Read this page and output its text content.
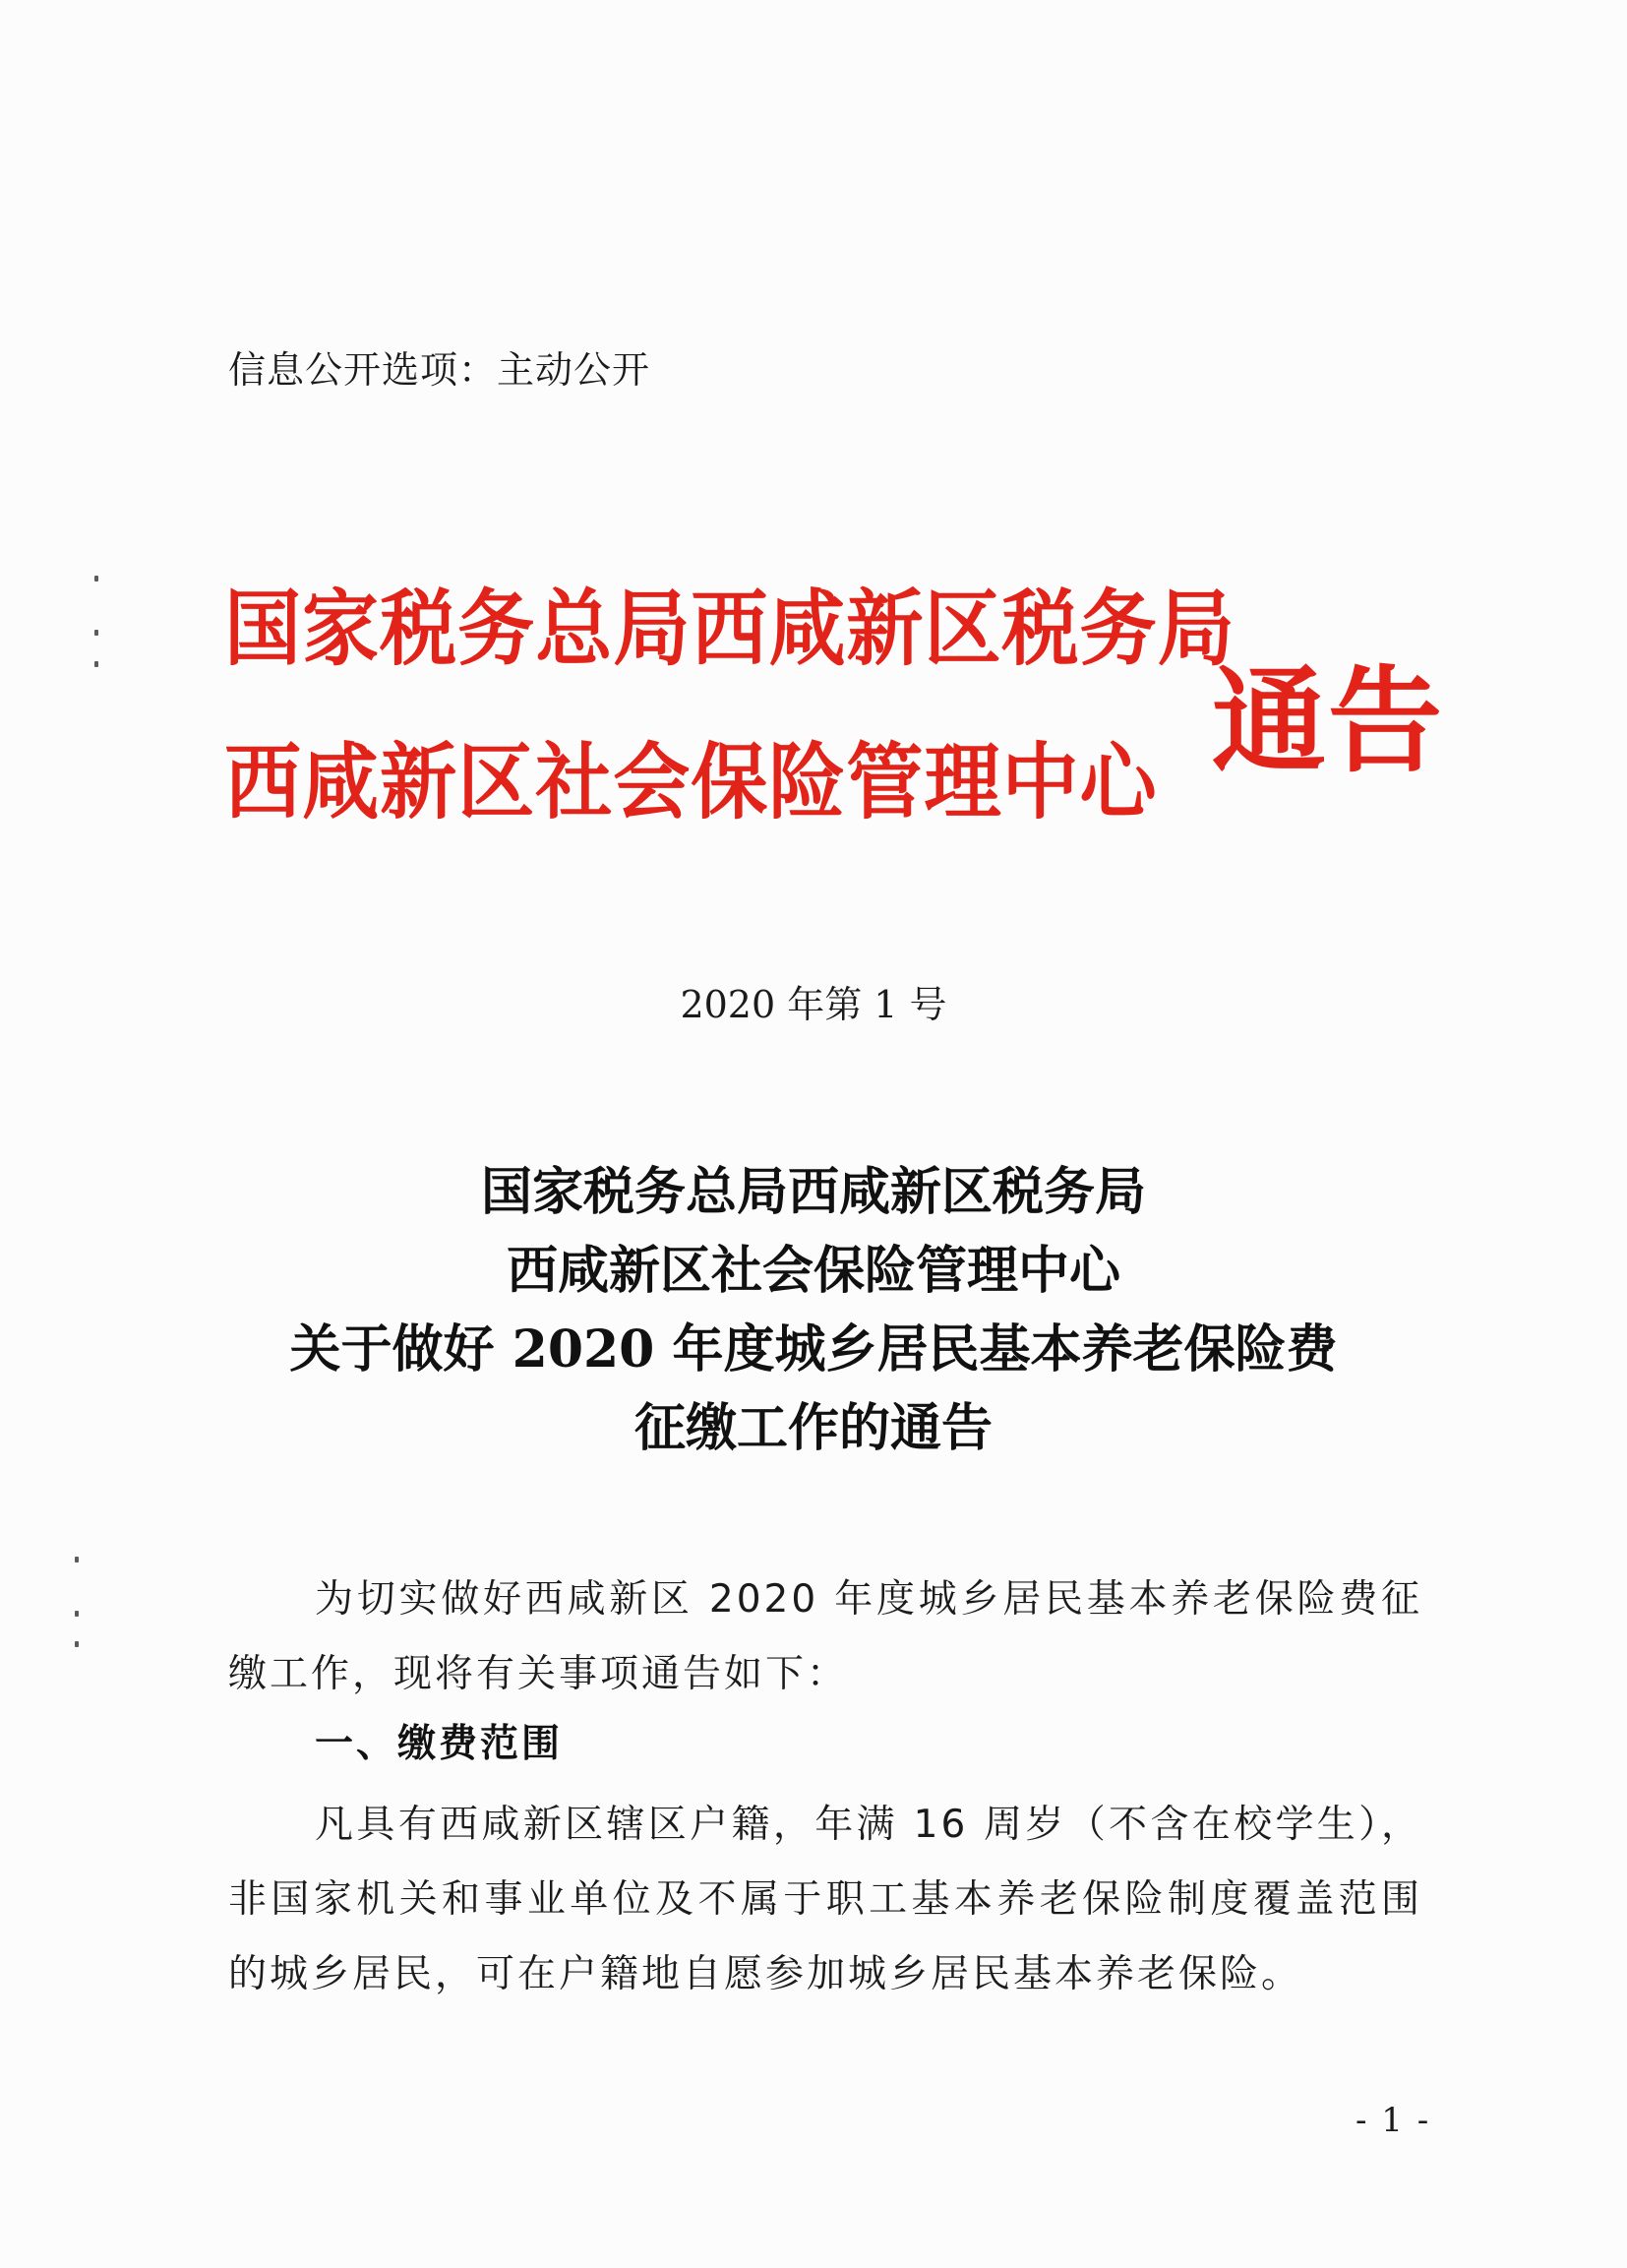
信息公开选项：主动公开
国家税务总局西咸新区税务局
西咸新区社会保险管理中心 通告
2020 年第 1 号
国家税务总局西咸新区税务局
西咸新区社会保险管理中心
关于做好 2020 年度城乡居民基本养老保险费
征缴工作的通告
为切实做好西咸新区 2020 年度城乡居民基本养老保险费征缴工作，现将有关事项通告如下：
一、缴费范围
凡具有西咸新区辖区户籍，年满 16 周岁（不含在校学生），非国家机关和事业单位及不属于职工基本养老保险制度覆盖范围的城乡居民，可在户籍地自愿参加城乡居民基本养老保险。
- 1 -
